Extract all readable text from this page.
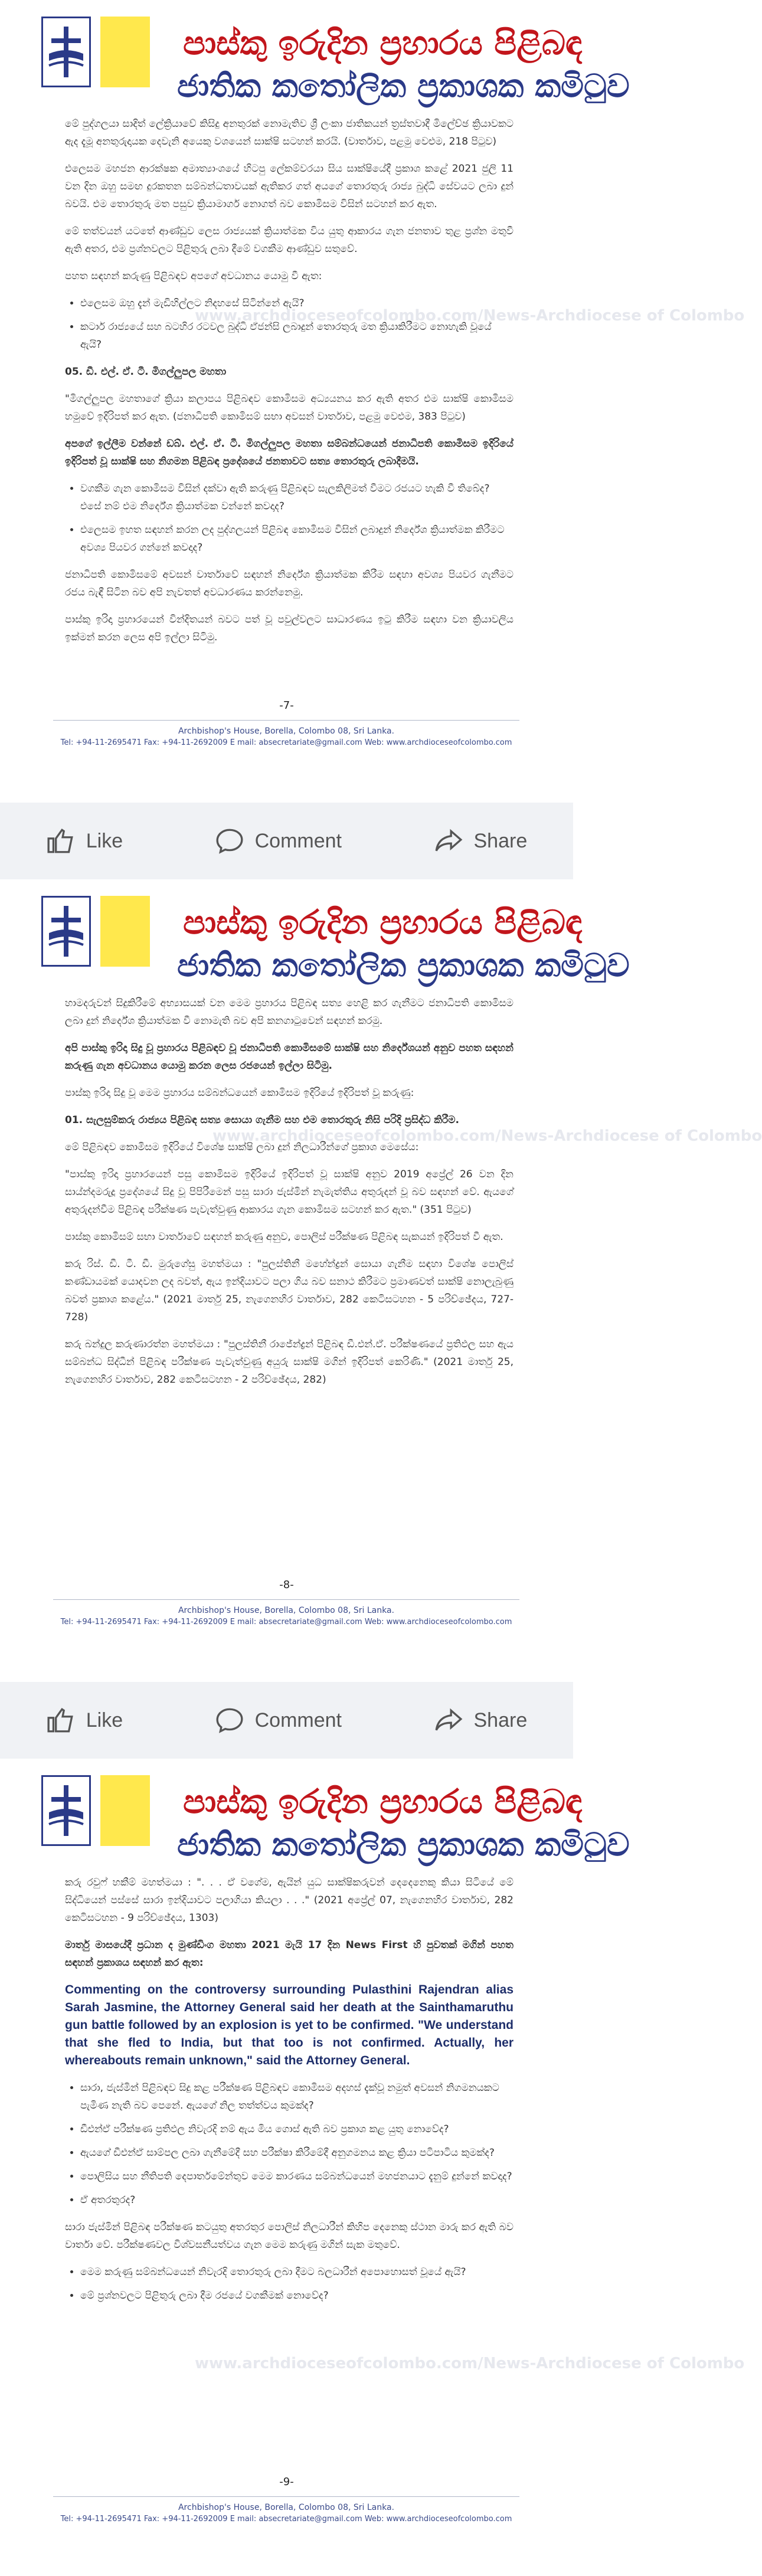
පාස්කු ඉරුදින ප්‍රහාරය පිළිබඳ
ජාතික කතෝලික ප්‍රකාශක කමිටුව
www.archdioceseofcolombo.com/News-Archdiocese of Colombo

මේ පුද්ගලයා සාදිත් ලේක්‍රියාවේ කිසිදු අනතුරක් නොමැතිව ශ්‍රී ලංකා ජාතිකයන් ත්‍රස්තවාදී මිලේච්ඡ ක්‍රියාවකට ඇද දැමූ අනතුරුදායක දෙවැනි අයෙකු වශයෙන් සාක්ෂි සටහන් කරයි. (වාර්තාව, පළමු වෙළුම, 218 පිටුව)

එලෙසම මහජන ආරක්ෂක අමාත්‍යාංශයේ හිටපු ලේකම්වරයා සිය සාක්ෂියේදී ප්‍රකාශ කළේ 2021 ජුලි 11 වන දින ඔහු සමඟ දුරකතන සම්බන්ධතාවයක් ඇතිකර ගත් අයගේ තොරතුරු රාජ්‍ය බුද්ධි සේවයට ලබා දුන් බවයි. එම තොරතුරු මත පසුව ක්‍රියාමාර්ග නොගත් බව කොමිසම විසින් සටහන් කර ඇත.

මේ තත්වයන් යටතේ ආණ්ඩුව ලෙස රාජ්‍යයක් ක්‍රියාත්මක විය යුතු ආකාරය ගැන ජනතාව තුළ ප්‍රශ්න මතුවී ඇති අතර, එම ප්‍රශ්නවලට පිළිතුරු ලබා දීමේ වගකීම ආණ්ඩුව සතුවේ.

පහත සඳහන් කරුණු පිළිබඳව අපගේ අවධානය යොමු වී ඇත:

• එලෙසම ඔහු දැන් මැඩිහිල්ලට නිදහසේ සිටින්නේ ඇයි?
• කටාර් රාජ්‍යයේ සහ බටහිර රටවල බුද්ධි ඒජන්සි ලබාදුන් තොරතුරු මත ක්‍රියාකිරීමට නොහැකි වූයේ ඇයි?

05. ඩී. එල්. ඒ. ටී. මිගල්ලුපල මහතා

"මිගල්ලුපල මහතාගේ ක්‍රියා කලාපය පිළිබඳව කොමිසම අධ්‍යයනය කර ඇති අතර එම සාක්ෂි කොමිසම හමුවේ ඉදිරිපත් කර ඇත. (ජනාධිපති කොමිසම් සභා අවසන් වාර්තාව, පළමු වෙළුම, 383 පිටුව)

අපගේ ඉල්ලීම වන්නේ ඩබ්. එල්. ඒ. ටී. මිගල්ලුපල මහතා සම්බන්ධයෙන් ජනාධිපති කොමිසම ඉදිරියේ ඉදිරිපත් වූ සාක්ෂි සහ නිගමන පිළිබඳ ප්‍රදේශයේ ජනතාවට සත්‍ය තොරතුරු ලබාදීමයි.

• වගකීම ගැන කොමිසම විසින් දක්වා ඇති කරුණු පිළිබඳව සැලකිලිමත් වීමට රජයට හැකි වී තිබේද? එසේ නම් එම නිර්දේශ ක්‍රියාත්මක වන්නේ කවදාද?
• එලෙසම ඉහත සඳහන් කරන ලද පුද්ගලයන් පිළිබඳ කොමිසම විසින් ලබාදුන් නිර්දේශ ක්‍රියාත්මක කිරීමට අවශ්‍ය පියවර ගන්නේ කවදාද?

ජනාධිපති කොමිසමේ අවසන් වාර්තාවේ සඳහන් නිර්දේශ ක්‍රියාත්මක කිරීම සඳහා අවශ්‍ය පියවර ගැනීමට රජය බැඳී සිටින බව අපි නැවතත් අවධාරණය කරන්නෙමු.

පාස්කු ඉරිදා ප්‍රහාරයෙන් වින්දිතයන් බවට පත් වූ පවුල්වලට සාධාරණය ඉටු කිරීම සඳහා වන ක්‍රියාවලිය ඉක්මන් කරන ලෙස අපි ඉල්ලා සිටිමු.

-7-
Archbishop's House, Borella, Colombo 08, Sri Lanka.
Tel: +94-11-2695471 Fax: +94-11-2692009 E mail: absecretariate@gmail.com Web: www.archdioceseofcolombo.com
Like	Comment	Share
පාස්කු ඉරුදින ප්‍රහාරය පිළිබඳ
ජාතික කතෝලික ප්‍රකාශක කමිටුව
www.archdioceseofcolombo.com/News-Archdiocese of Colombo

හාමදරුවන් සිදුකිරීමේ අභ්‍යාසයක් වන මෙම ප්‍රහාරය පිළිබඳ සත්‍ය හෙළි කර ගැනීමට ජනාධිපති කොමිසම ලබා දුන් නිර්දේශ ක්‍රියාත්මක වී නොමැති බව අපි කනගාටුවෙන් සඳහන් කරමු.

අපි පාස්කු ඉරිදා සිදු වූ ප්‍රහාරය පිළිබඳව වූ ජනාධිපති කොමිසමේ සාක්ෂි සහ නිර්දේශයන් අනුව පහත සඳහන් කරුණු ගැන අවධානය යොමු කරන ලෙස රජයෙන් ඉල්ලා සිටිමු.

පාස්කු ඉරිදා සිදු වූ මෙම ප්‍රහාරය සම්බන්ධයෙන් කොමිසම ඉදිරියේ ඉදිරිපත් වූ කරුණු:

01. සැලසුම්කරු රාජ්‍යය පිළිබඳ සත්‍ය සොයා ගැනීම සහ එම තොරතුරු නිසි පරිදි ප්‍රසිද්ධ කිරීම.

මේ පිළිබඳව කොමිසම ඉදිරියේ විශේෂ සාක්ෂි ලබා දුන් නිලධාරීන්ගේ ප්‍රකාශ මෙසේය:

"පාස්කු ඉරිදා ප්‍රහාරයෙන් පසු කොමිසම ඉදිරියේ ඉදිරිපත් වූ සාක්ෂි අනුව 2019 අප්‍රේල් 26 වන දින සාය්න්දමරුදූ ප්‍රදේශයේ සිදු වූ පිපිරීමෙන් පසු සාරා ජැස්මින් නැමැත්තිය අතුරුදන් වූ බව සඳහන් වේ. ඇයගේ අතුරුදන්වීම පිළිබඳ පරීක්ෂණ පැවැත්වුණු ආකාරය ගැන කොමිසම සටහන් කර ඇත." (351 පිටුව)

පාස්කු කොමිසම් සභා වාර්තාවේ සඳහන් කරුණු අනුව, පොලිස් පරීක්ෂණ පිළිබඳ සැකයන් ඉදිරිපත් වී ඇත.

කරු රිස්. ඩී. ටී. ඩී. මුරුගේසු මහත්මයා : "පුලස්තිනී මහේන්ද්‍රන් සොයා ගැනීම සඳහා විශේෂ පොලිස් කණ්ඩායමක් යොදවන ලද බවත්, ඇය ඉන්දියාවට පලා ගිය බව සනාථ කිරීමට ප්‍රමාණවත් සාක්ෂි නොලැබුණු බවත් ප්‍රකාශ කළේය." (2021 මාර්තු 25, නැගෙනහිර වාර්තාව, 282 කෙටිසටහන - 5 පරිච්ඡේදය, 727-728)

කරු බන්දුල කරුණාරත්න මහත්මයා : "පුලස්තිනී රාජේන්ද්‍රන් පිළිබඳ ඩී.එන්.ඒ. පරීක්ෂණයේ ප්‍රතිඵල සහ ඇය සම්බන්ධ සිද්ධීන් පිළිබඳ පරීක්ෂණ පැවැත්වුණු අයුරු සාක්ෂි මගින් ඉදිරිපත් කෙරිණි." (2021 මාර්තු 25, නැගෙනහිර වාර්තාව, 282 කෙටිසටහන - 2 පරිච්ඡේදය, 282)

-8-
Archbishop's House, Borella, Colombo 08, Sri Lanka.
Tel: +94-11-2695471 Fax: +94-11-2692009 E mail: absecretariate@gmail.com Web: www.archdioceseofcolombo.com
Like	Comment	Share
පාස්කු ඉරුදින ප්‍රහාරය පිළිබඳ
ජාතික කතෝලික ප්‍රකාශක කමිටුව
www.archdioceseofcolombo.com/News-Archdiocese of Colombo

කරු රවුෆ් හකීම් මහත්මයා : ". . . ඒ වගේම, ඇයින් යුධ සාක්ෂිකරුවන් දෙදෙනෙකු කියා සිටියේ මේ සිද්ධියෙන් පස්සේ සාරා ඉන්දියාවට පලාගියා කියලා . . ." (2021 අප්‍රේල් 07, නැගෙනහිර වාර්තාව, 282 කෙටිසටහන - 9 පරිච්ඡේදය, 1303)

මාර්තු මාසයේදී ප්‍රධාන ද මුණ්ඩිංග මහතා 2021 මැයි 17 දින News First හි පුවතක් මගින් පහත සඳහන් ප්‍රකාශය සඳහන් කර ඇත:

Commenting on the controversy surrounding Pulasthini Rajendran alias Sarah Jasmine, the Attorney General said her death at the Sainthamaruthu gun battle followed by an explosion is yet to be confirmed. "We understand that she fled to India, but that too is not confirmed. Actually, her whereabouts remain unknown," said the Attorney General.

• සාරා, ජැස්මින් පිළිබඳව සිදු කළ පරීක්ෂණ පිළිබඳව කොමිසම අදහස් දැක්වූ නමුත් අවසන් නිගමනයකට පැමිණ නැති බව පෙනේ. ඇයගේ නිල තත්ත්වය කුමක්ද?
• ඩීඑන්ඒ පරීක්ෂණ ප්‍රතිඵල නිවැරදි නම් ඇය මිය ගොස් ඇති බව ප්‍රකාශ කළ යුතු නොවේද?
• ඇයගේ ඩීඑන්ඒ සාම්පල ලබා ගැනීමේදී සහ පරීක්ෂා කිරීමේදී අනුගමනය කළ ක්‍රියා පටිපාටිය කුමක්ද?
• පොලිසිය සහ නීතිපති දෙපාර්තමේන්තුව මෙම කාරණය සම්බන්ධයෙන් මහජනයාට දැනුම් දුන්නේ කවදාද?
• ඒ අතරතුරද?

සාරා ජැස්මින් පිළිබඳ පරීක්ෂණ කටයුතු අතරතුර පොලිස් නිලධාරීන් කිහිප දෙනෙකු ස්ථාන මාරු කර ඇති බව වාර්තා වේ. පරීක්ෂණවල විශ්වසනීයත්වය ගැන මෙම කරුණු මගින් සැක මතුවේ.

• මෙම කරුණු සම්බන්ධයෙන් නිවැරදි තොරතුරු ලබා දීමට බලධාරීන් අපොහොසත් වූයේ ඇයි?
• මේ ප්‍රශ්නවලට පිළිතුරු ලබා දීම රජයේ වගකීමක් නොවේද?
-9-
Archbishop's House, Borella, Colombo 08, Sri Lanka.
Tel: +94-11-2695471 Fax: +94-11-2692009 E mail: absecretariate@gmail.com Web: www.archdioceseofcolombo.com
